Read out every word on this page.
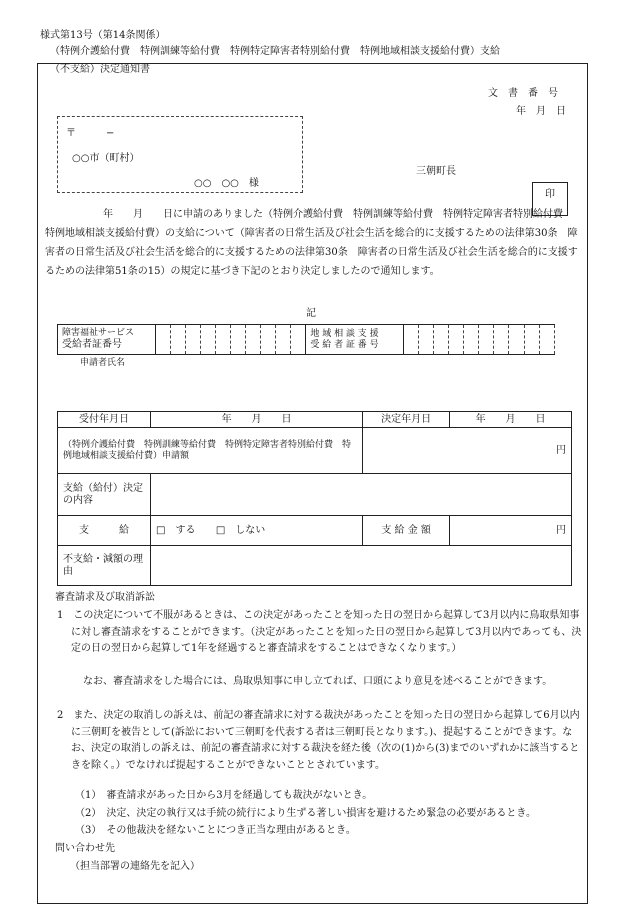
様式第13号（第14条関係）
（特例介護給付費　特例訓練等給付費　特例特定障害者特別給付費　特例地域相談支援給付費）支給
（不支給）決定通知書
文　書　番　号
年　月　日
〒　　　−
○○市（町村）
○○　○○　様
三朝町長
印
年　　月　　日に申請のありました（特例介護給付費　特例訓練等給付費　特例特定障害者特別給付費　特例地域相談支援給付費）の支給について（障害者の日常生活及び社会生活を総合的に支援するための法律第30条　障害者の日常生活及び社会生活を総合的に支援するための法律第30条　障害者の日常生活及び社会生活を総合的に支援するための法律第51条の15）の規定に基づき下記のとおり決定しましたので通知します。
記
障害福祉サービス
受給者証番号

地 域 相 談 支 援
受 給 者 証 番 号

申請者氏名
受付年月日	年　　月　　日	決定年月日	年　　月　　日
（特例介護給付費　特例訓練等給付費　特例特定障害者特別給付費　特例地域相談支援給付費）申請額		円	
支給（給付）決定の内容			
支　　　給	□　する □　しない	支 給 金 額	円
不支給・減額の理由			
審査請求及び取消訴訟
1　この決定について不服があるときは、この決定があったことを知った日の翌日から起算して3月以内に鳥取県知事に対し審査請求をすることができます。（決定があったことを知った日の翌日から起算して3月以内であっても、決定の日の翌日から起算して1年を経過すると審査請求をすることはできなくなります。）
なお、審査請求をした場合には、鳥取県知事に申し立てれば、口頭により意見を述べることができます。
2　また、決定の取消しの訴えは、前記の審査請求に対する裁決があったことを知った日の翌日から起算して6月以内に三朝町を被告として(訴訟において三朝町を代表する者は三朝町長となります。)、提起することができます。なお、決定の取消しの訴えは、前記の審査請求に対する裁決を経た後（次の(1)から(3)までのいずれかに該当するときを除く。）でなければ提起することができないこととされています。
（1）　審査請求があった日から3月を経過しても裁決がないとき。
（2）　決定、決定の執行又は手続の続行により生ずる著しい損害を避けるため緊急の必要があるとき。
（3）　その他裁決を経ないことにつき正当な理由があるとき。
問い合わせ先
（担当部署の連絡先を記入）
